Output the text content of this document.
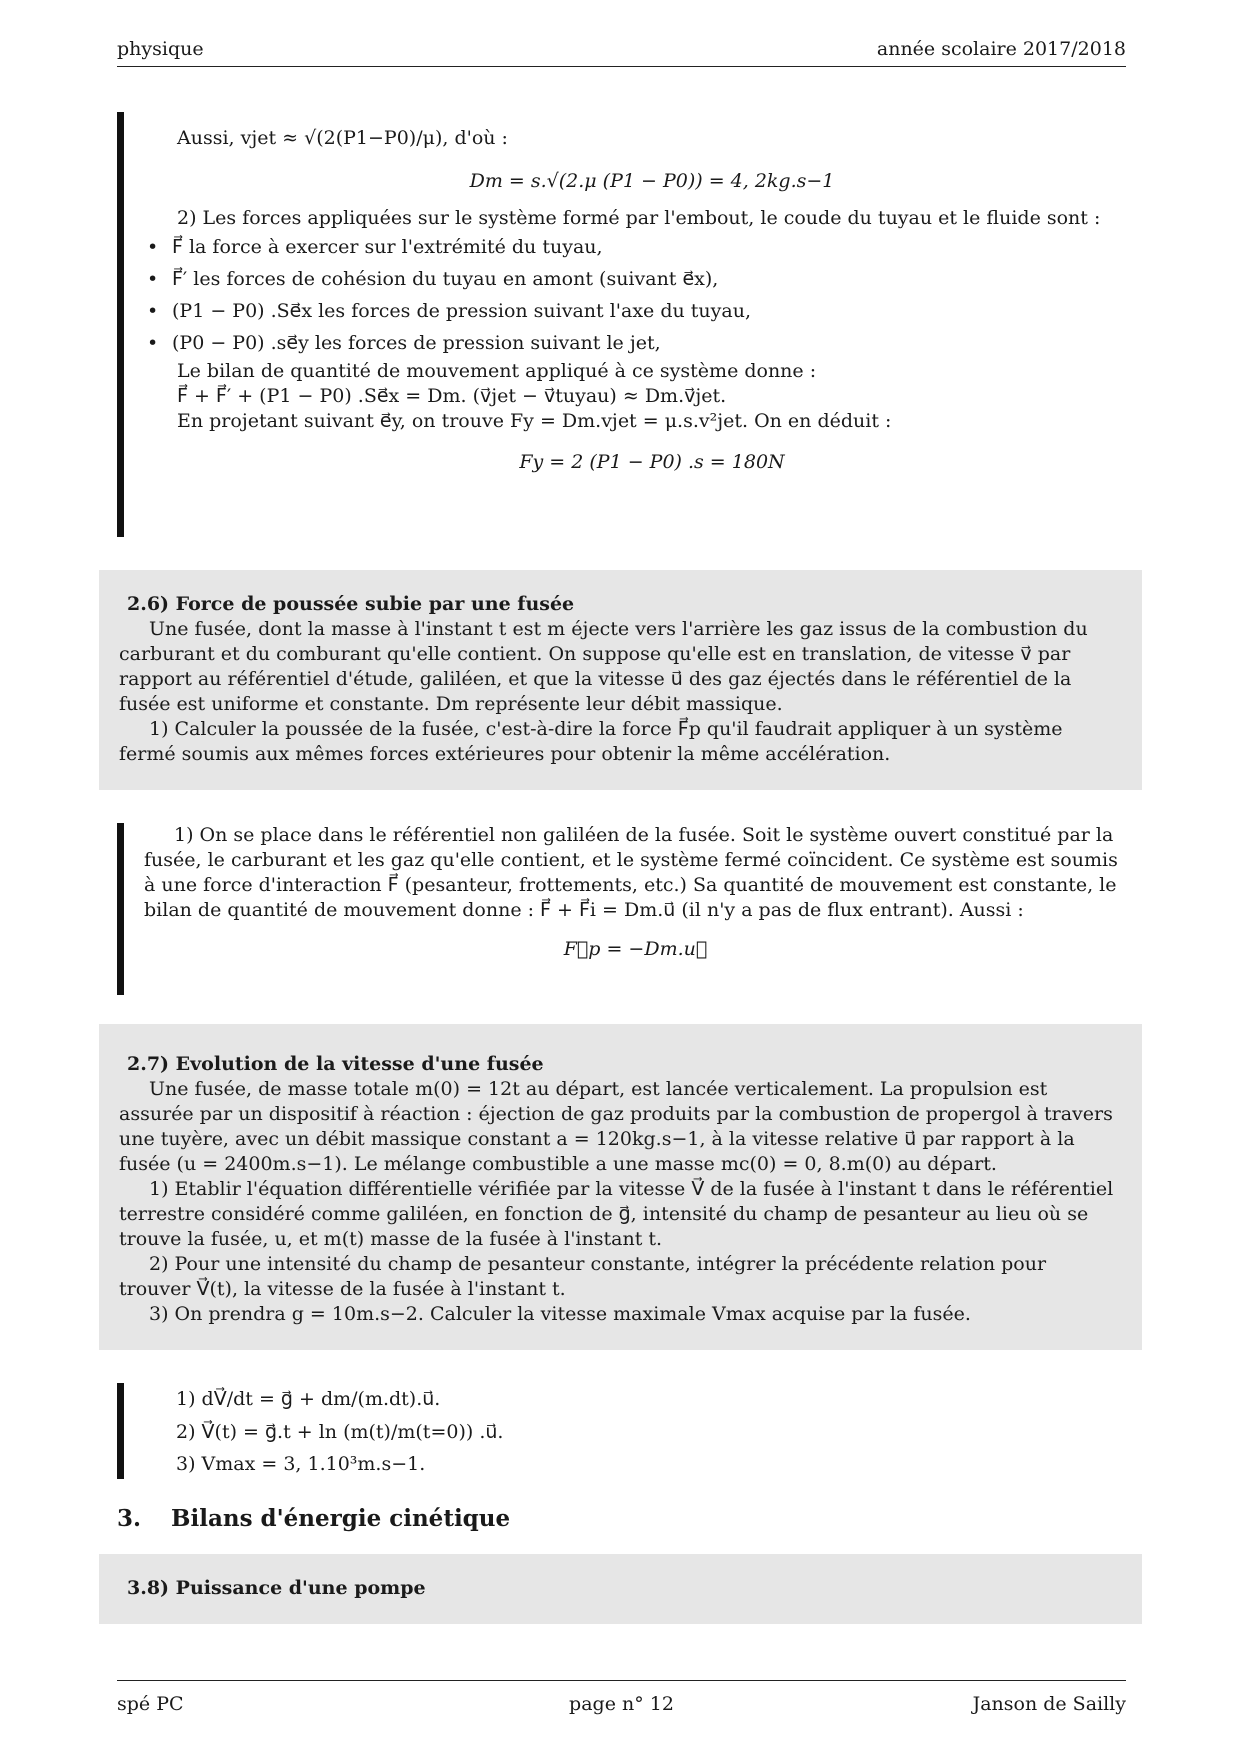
physique	année scolaire 2017/2018

Aussi, vjet ≈ √(2(P1−P0)/μ), d'où :

Dm = s.√(2.μ (P1 − P0)) = 4, 2kg.s−1

2) Les forces appliquées sur le système formé par l'embout, le coude du tuyau et le fluide sont :

• F⃗ la force à exercer sur l'extrémité du tuyau,
• F⃗′ les forces de cohésion du tuyau en amont (suivant e⃗x),
• (P1 − P0) .Se⃗x les forces de pression suivant l'axe du tuyau,
• (P0 − P0) .se⃗y les forces de pression suivant le jet,

Le bilan de quantité de mouvement appliqué à ce système donne :

F⃗ + F⃗′ + (P1 − P0) .Se⃗x = Dm. (v⃗jet − v⃗tuyau) ≈ Dm.v⃗jet.

En projetant suivant e⃗y, on trouve Fy = Dm.vjet = μ.s.v²jet. On en déduit :

Fy = 2 (P1 − P0) .s = 180N

2.6) Force de poussée subie par une fusée

Une fusée, dont la masse à l'instant t est m éjecte vers l'arrière les gaz issus de la combustion du carburant et du comburant qu'elle contient. On suppose qu'elle est en translation, de vitesse v⃗ par rapport au référentiel d'étude, galiléen, et que la vitesse u⃗ des gaz éjectés dans le référentiel de la fusée est uniforme et constante. Dm représente leur débit massique.

1) Calculer la poussée de la fusée, c'est-à-dire la force F⃗p qu'il faudrait appliquer à un système fermé soumis aux mêmes forces extérieures pour obtenir la même accélération.

1) On se place dans le référentiel non galiléen de la fusée. Soit le système ouvert constitué par la fusée, le carburant et les gaz qu'elle contient, et le système fermé coïncident. Ce système est soumis à une force d'interaction F⃗ (pesanteur, frottements, etc.) Sa quantité de mouvement est constante, le bilan de quantité de mouvement donne : F⃗ + F⃗i = Dm.u⃗ (il n'y a pas de flux entrant). Aussi :

F⃗p = −Dm.u⃗

2.7) Evolution de la vitesse d'une fusée

Une fusée, de masse totale m(0) = 12t au départ, est lancée verticalement. La propulsion est assurée par un dispositif à réaction : éjection de gaz produits par la combustion de propergol à travers une tuyère, avec un débit massique constant a = 120kg.s−1, à la vitesse relative u⃗ par rapport à la fusée (u = 2400m.s−1). Le mélange combustible a une masse mc(0) = 0, 8.m(0) au départ.

1) Etablir l'équation différentielle vérifiée par la vitesse V⃗ de la fusée à l'instant t dans le référentiel terrestre considéré comme galiléen, en fonction de g⃗, intensité du champ de pesanteur au lieu où se trouve la fusée, u, et m(t) masse de la fusée à l'instant t.

2) Pour une intensité du champ de pesanteur constante, intégrer la précédente relation pour trouver V⃗(t), la vitesse de la fusée à l'instant t.

3) On prendra g = 10m.s−2. Calculer la vitesse maximale Vmax acquise par la fusée.

1) dV⃗/dt = g⃗ + dm/(m.dt).u⃗.

2) V⃗(t) = g⃗.t + ln (m(t)/m(t=0)) .u⃗.

3) Vmax = 3, 1.10³m.s−1.

3. Bilans d'énergie cinétique

3.8) Puissance d'une pompe

spé PC	page n° 12	Janson de Sailly
